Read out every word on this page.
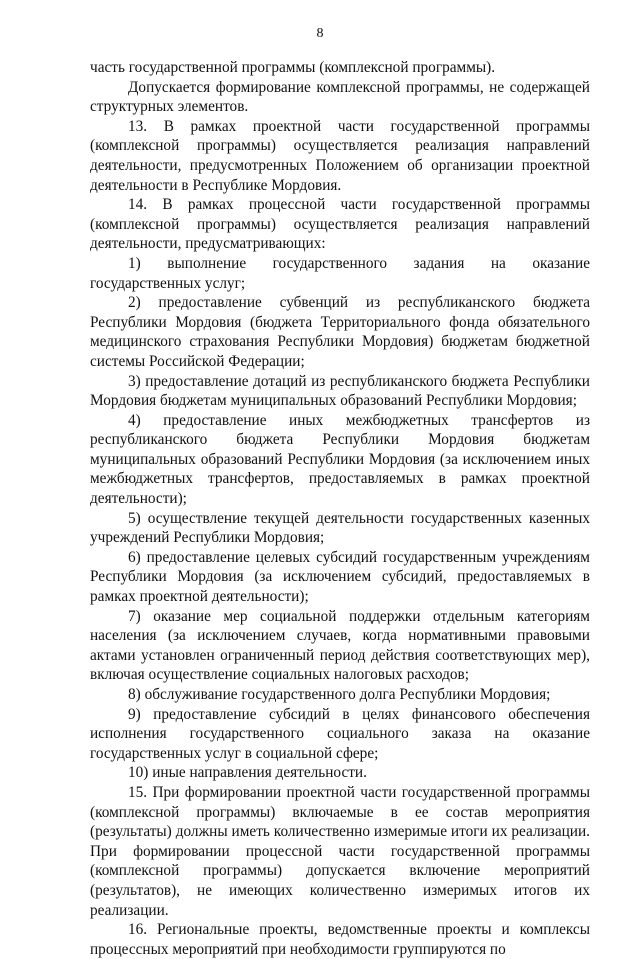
8

часть государственной программы (комплексной программы).

Допускается формирование комплексной программы, не содержащей структурных элементов.

13. В рамках проектной части государственной программы (комплексной программы) осуществляется реализация направлений деятельности, предусмотренных Положением об организации проектной деятельности в Республике Мордовия.

14. В рамках процессной части государственной программы (комплексной программы) осуществляется реализация направлений деятельности, предусматривающих:

1) выполнение государственного задания на оказание государственных услуг;

2) предоставление субвенций из республиканского бюджета Республики Мордовия (бюджета Территориального фонда обязательного медицинского страхования Республики Мордовия) бюджетам бюджетной системы Российской Федерации;

3) предоставление дотаций из республиканского бюджета Республики Мордовия бюджетам муниципальных образований Республики Мордовия;

4) предоставление иных межбюджетных трансфертов из республиканского бюджета Республики Мордовия бюджетам муниципальных образований Республики Мордовия (за исключением иных межбюджетных трансфертов, предоставляемых в рамках проектной деятельности);

5) осуществление текущей деятельности государственных казенных учреждений Республики Мордовия;

6) предоставление целевых субсидий государственным учреждениям Республики Мордовия (за исключением субсидий, предоставляемых в рамках проектной деятельности);

7) оказание мер социальной поддержки отдельным категориям населения (за исключением случаев, когда нормативными правовыми актами установлен ограниченный период действия соответствующих мер), включая осуществление социальных налоговых расходов;

8) обслуживание государственного долга Республики Мордовия;

9) предоставление субсидий в целях финансового обеспечения исполнения государственного социального заказа на оказание государственных услуг в социальной сфере;

10) иные направления деятельности.

15. При формировании проектной части государственной программы (комплексной программы) включаемые в ее состав мероприятия (результаты) должны иметь количественно измеримые итоги их реализации. При формировании процессной части государственной программы (комплексной программы) допускается включение мероприятий (результатов), не имеющих количественно измеримых итогов их реализации.

16. Региональные проекты, ведомственные проекты и комплексы процессных мероприятий при необходимости группируются по
